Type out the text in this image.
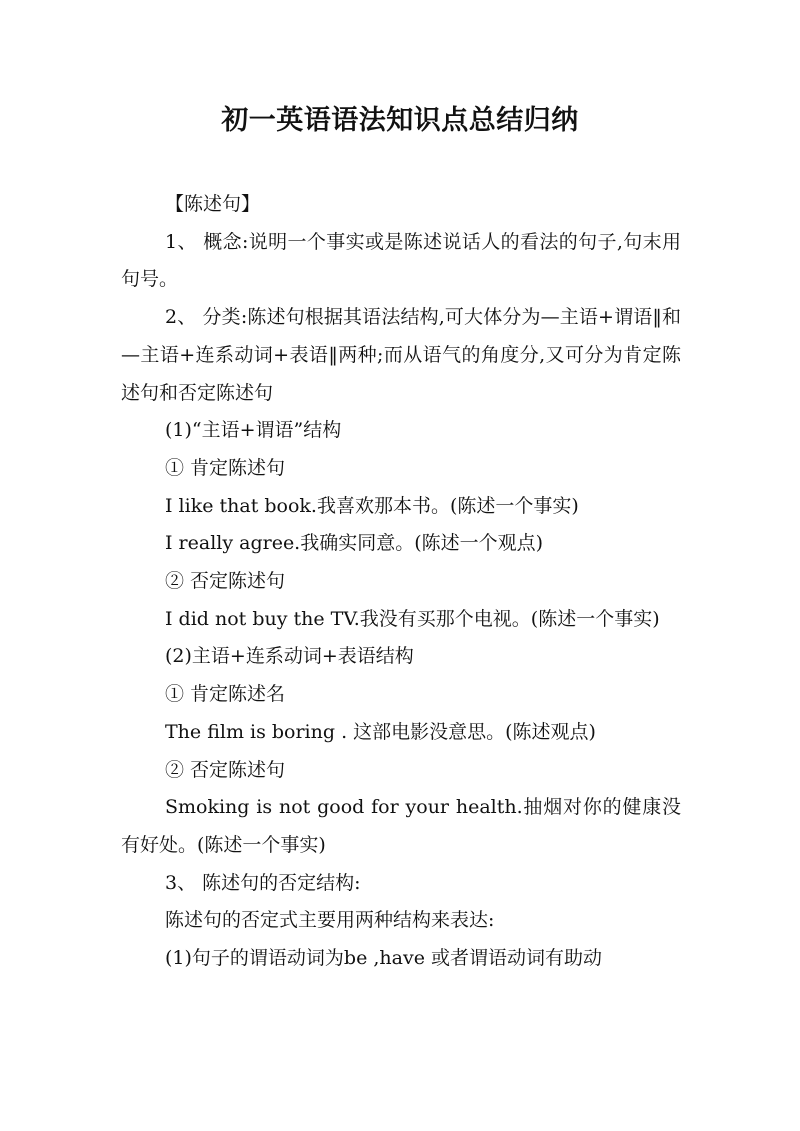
初一英语语法知识点总结归纳

【陈述句】

1、 概念:说明一个事实或是陈述说话人的看法的句子,句末用句号。

2、 分类:陈述句根据其语法结构,可大体分为—主语+谓语‖和—主语+连系动词+表语‖两种;而从语气的角度分,又可分为肯定陈述句和否定陈述句

(1)“主语+谓语”结构

① 肯定陈述句

I like that book.我喜欢那本书。(陈述一个事实)

I really agree.我确实同意。(陈述一个观点)

② 否定陈述句

I did not buy the TV.我没有买那个电视。(陈述一个事实)

(2)主语+连系动词+表语结构

① 肯定陈述名

The film is boring . 这部电影没意思。(陈述观点)

② 否定陈述句

Smoking is not good for your health.抽烟对你的健康没有好处。(陈述一个事实)

3、 陈述句的否定结构:

陈述句的否定式主要用两种结构来表达:

(1)句子的谓语动词为be ,have 或者谓语动词有助动
